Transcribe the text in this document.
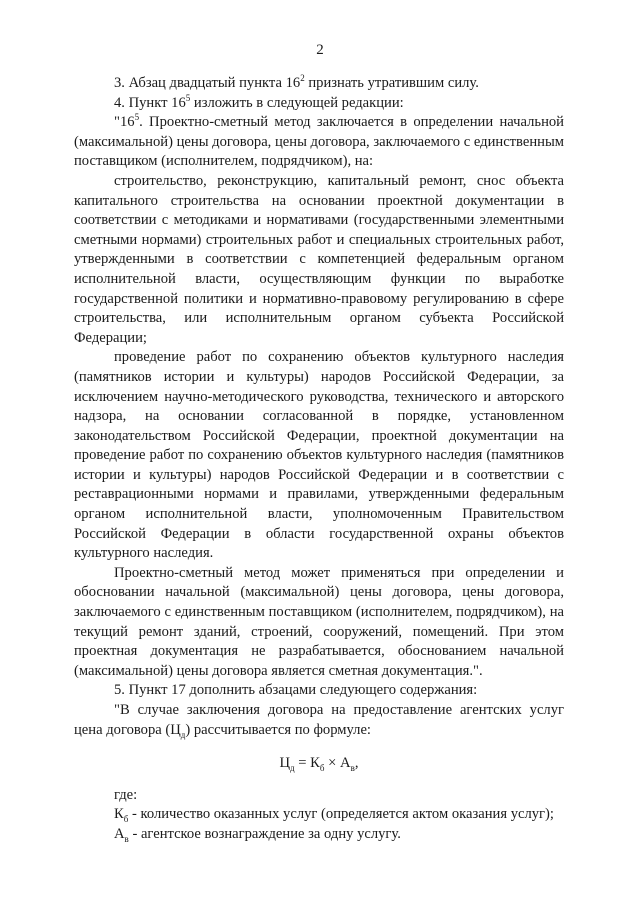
2

3. Абзац двадцатый пункта $16^2$ признать утратившим силу.

4. Пункт $16^5$ изложить в следующей редакции:

"$16^5$. Проектно-сметный метод заключается в определении начальной (максимальной) цены договора, цены договора, заключаемого с единственным поставщиком (исполнителем, подрядчиком), на:

строительство, реконструкцию, капитальный ремонт, снос объекта капитального строительства на основании проектной документации в соответствии с методиками и нормативами (государственными элементными сметными нормами) строительных работ и специальных строительных работ, утвержденными в соответствии с компетенцией федеральным органом исполнительной власти, осуществляющим функции по выработке государственной политики и нормативно-правовому регулированию в сфере строительства, или исполнительным органом субъекта Российской Федерации;

проведение работ по сохранению объектов культурного наследия (памятников истории и культуры) народов Российской Федерации, за исключением научно-методического руководства, технического и авторского надзора, на основании согласованной в порядке, установленном законодательством Российской Федерации, проектной документации на проведение работ по сохранению объектов культурного наследия (памятников истории и культуры) народов Российской Федерации и в соответствии с реставрационными нормами и правилами, утвержденными федеральным органом исполнительной власти, уполномоченным Правительством Российской Федерации в области государственной охраны объектов культурного наследия.

Проектно-сметный метод может применяться при определении и обосновании начальной (максимальной) цены договора, цены договора, заключаемого с единственным поставщиком (исполнителем, подрядчиком), на текущий ремонт зданий, строений, сооружений, помещений. При этом проектная документация не разрабатывается, обоснованием начальной (максимальной) цены договора является сметная документация.".

5. Пункт 17 дополнить абзацами следующего содержания:

"В случае заключения договора на предоставление агентских услуг цена договора $(Ц_д)$ рассчитывается по формуле:

$Ц_д = К_б \times А_в$,

где:

$К_б$ - количество оказанных услуг (определяется актом оказания услуг);

$А_в$ - агентское вознаграждение за одну услугу.
